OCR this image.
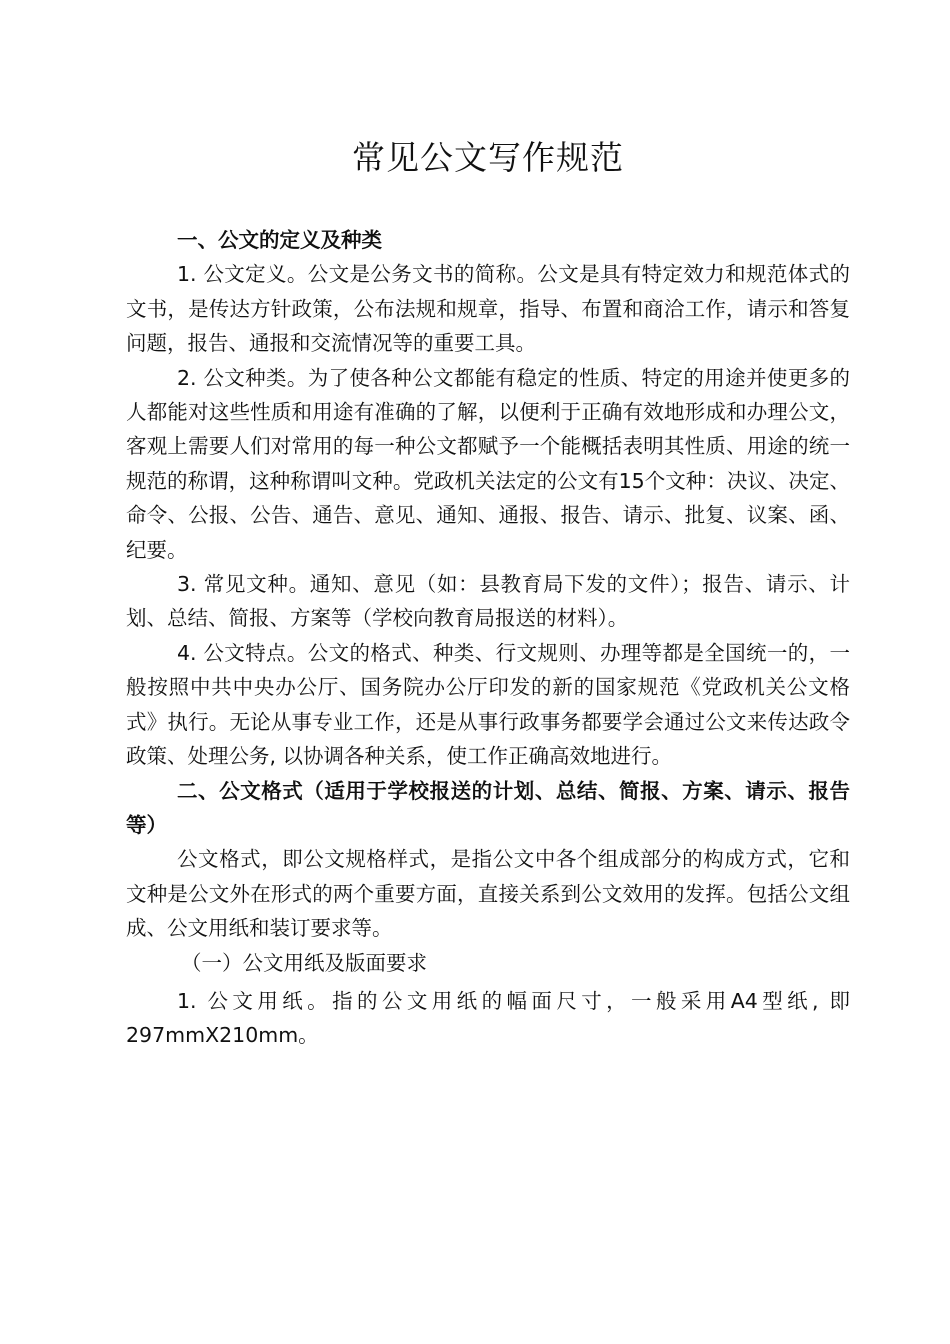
常见公文写作规范

一、公文的定义及种类

1. 公文定义。公文是公务文书的简称。公文是具有特定效力和规范体式的文书，是传达方针政策，公布法规和规章，指导、布置和商洽工作，请示和答复问题，报告、通报和交流情况等的重要工具。

2. 公文种类。为了使各种公文都能有稳定的性质、特定的用途并使更多的人都能对这些性质和用途有准确的了解，以便利于正确有效地形成和办理公文，客观上需要人们对常用的每一种公文都赋予一个能概括表明其性质、用途的统一规范的称谓，这种称谓叫文种。党政机关法定的公文有15个文种：决议、决定、命令、公报、公告、通告、意见、通知、通报、报告、请示、批复、议案、函、纪要。

3. 常见文种。通知、意见（如：县教育局下发的文件）；报告、请示、计划、总结、简报、方案等（学校向教育局报送的材料）。

4. 公文特点。公文的格式、种类、行文规则、办理等都是全国统一的，一般按照中共中央办公厅、国务院办公厅印发的新的国家规范《党政机关公文格式》执行。无论从事专业工作，还是从事行政事务都要学会通过公文来传达政令政策、处理公务, 以协调各种关系，使工作正确高效地进行。

二、公文格式（适用于学校报送的计划、总结、简报、方案、请示、报告等）

公文格式，即公文规格样式，是指公文中各个组成部分的构成方式，它和文种是公文外在形式的两个重要方面，直接关系到公文效用的发挥。包括公文组成、公文用纸和装订要求等。

（一）公文用纸及版面要求

1. 公文用纸。指的公文用纸的幅面尺寸，一般采用A4型纸, 即297mmX210mm。
